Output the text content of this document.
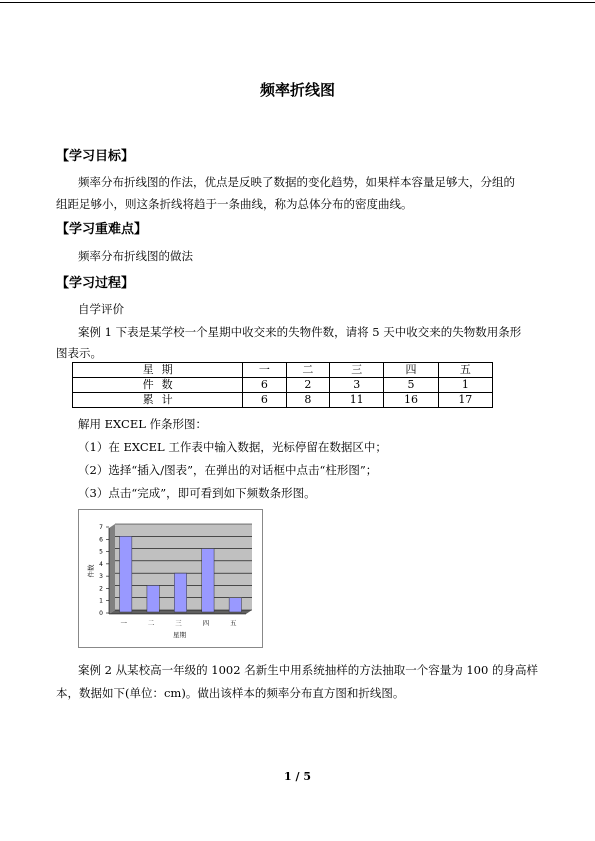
频率折线图
【学习目标】
频率分布折线图的作法，优点是反映了数据的变化趋势，如果样本容量足够大，分组的
组距足够小，则这条折线将趋于一条曲线，称为总体分布的密度曲线。
【学习重难点】
频率分布折线图的做法
【学习过程】
自学评价
案例 1 下表是某学校一个星期中收交来的失物件数，请将 5 天中收交来的失物数用条形
图表示。
星期	一	二	三	四	五
件数	6	2	3	5	1
累计	6	8	11	16	17
解用 EXCEL 作条形图：
（1）在 EXCEL 工作表中输入数据，光标停留在数据区中；
（2）选择“插入/图表”，在弹出的对话框中点击“柱形图”；
（3）点击“完成”，即可看到如下频数条形图。
0
1
2
3
4
5
6
7
一	二	三	四	五
星期
件数
案例 2 从某校高一年级的 1002 名新生中用系统抽样的方法抽取一个容量为 100 的身高样
本，数据如下(单位：cm)。做出该样本的频率分布直方图和折线图。
1 / 5
